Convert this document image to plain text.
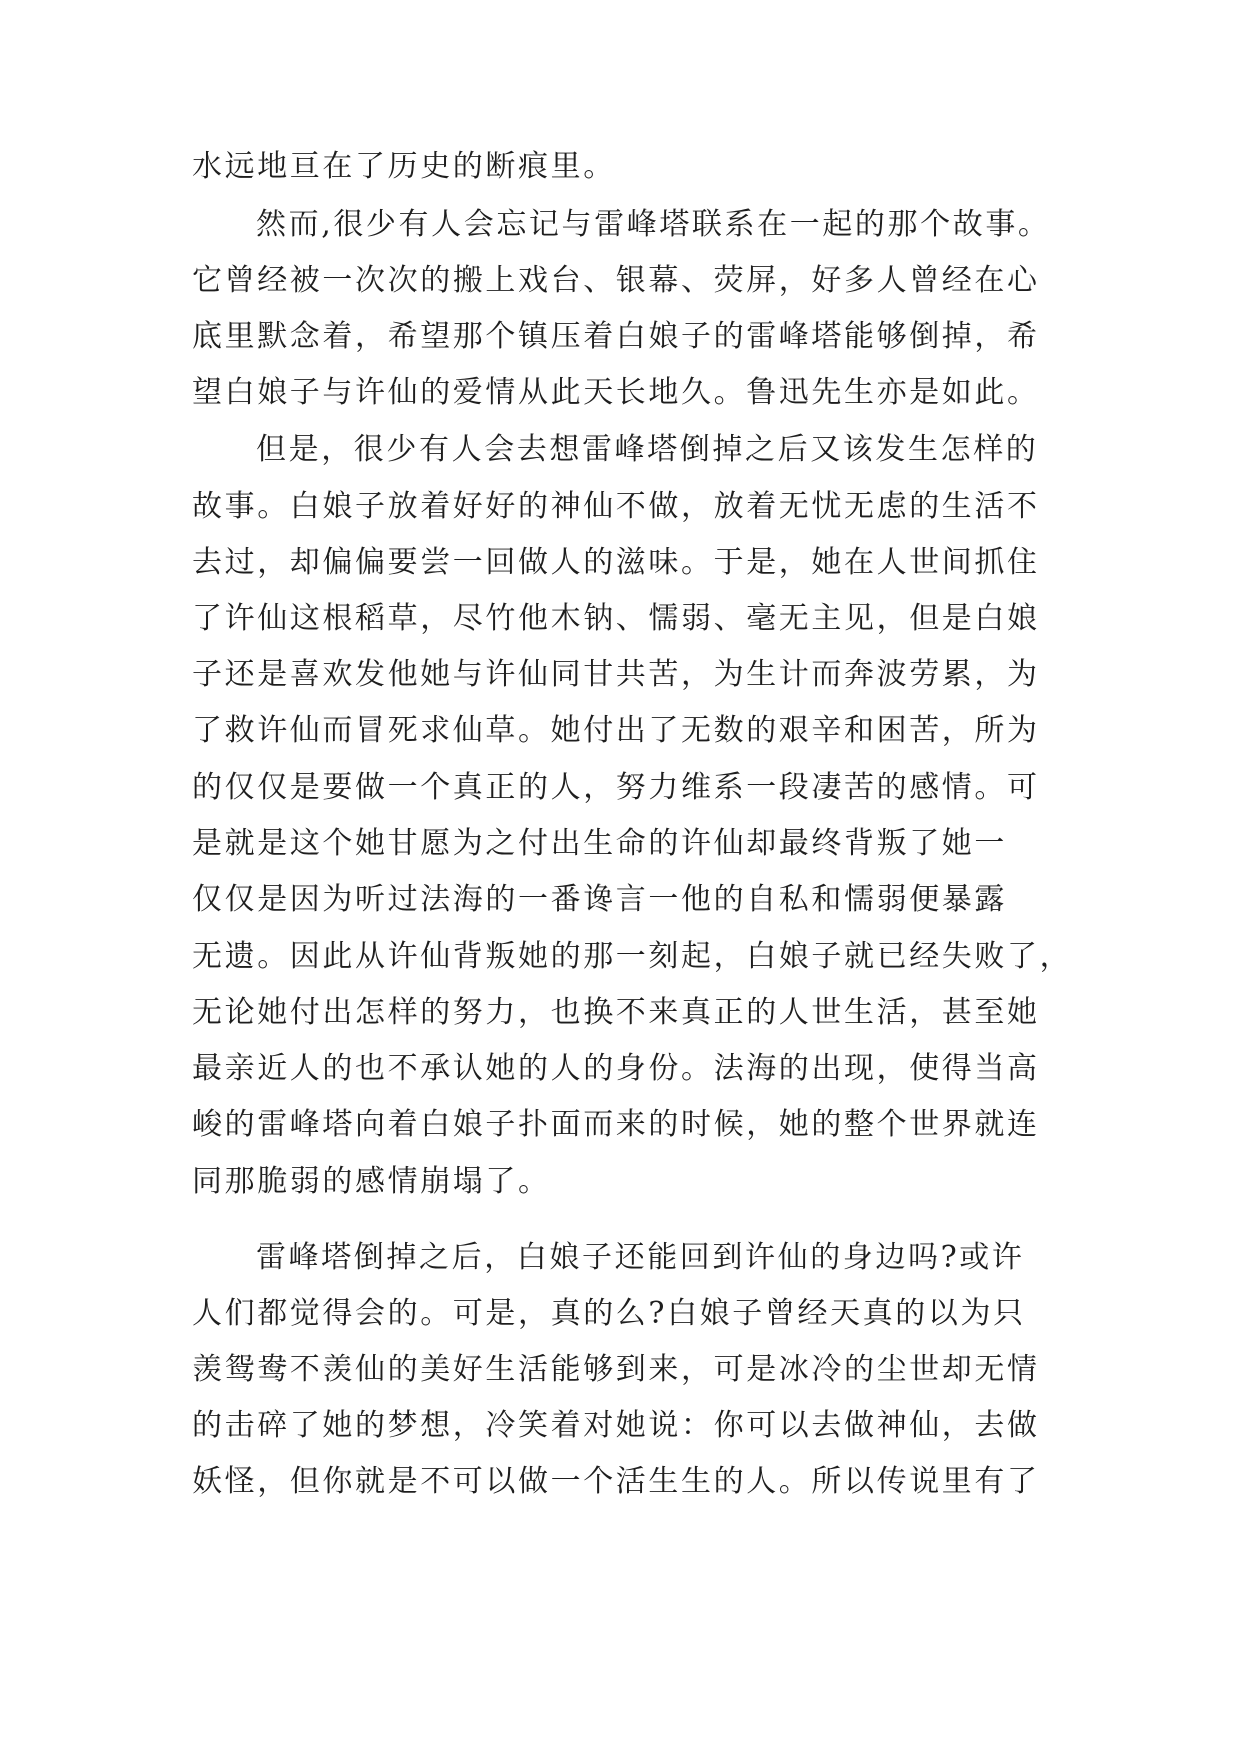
水远地亘在了历史的断痕里。
然而,很少有人会忘记与雷峰塔联系在一起的那个故事。
它曾经被一次次的搬上戏台、银幕、荧屏，好多人曾经在心
底里默念着，希望那个镇压着白娘子的雷峰塔能够倒掉，希
望白娘子与许仙的爱情从此天长地久。鲁迅先生亦是如此。
但是，很少有人会去想雷峰塔倒掉之后又该发生怎样的
故事。白娘子放着好好的神仙不做，放着无忧无虑的生活不
去过，却偏偏要尝一回做人的滋味。于是，她在人世间抓住
了许仙这根稻草，尽竹他木钠、懦弱、毫无主见，但是白娘
子还是喜欢发他她与许仙同甘共苦，为生计而奔波劳累，为
了救许仙而冒死求仙草。她付出了无数的艰辛和困苦，所为
的仅仅是要做一个真正的人，努力维系一段凄苦的感情。可
是就是这个她甘愿为之付出生命的许仙却最终背叛了她一
仅仅是因为听过法海的一番谗言一他的自私和懦弱便暴露
无遗。因此从许仙背叛她的那一刻起，白娘子就已经失败了，
无论她付出怎样的努力，也换不来真正的人世生活，甚至她
最亲近人的也不承认她的人的身份。法海的出现，使得当高
峻的雷峰塔向着白娘子扑面而来的时候，她的整个世界就连
同那脆弱的感情崩塌了。
雷峰塔倒掉之后，白娘子还能回到许仙的身边吗?或许
人们都觉得会的。可是，真的么?白娘子曾经天真的以为只
羡鸳鸯不羡仙的美好生活能够到来，可是冰冷的尘世却无情
的击碎了她的梦想，冷笑着对她说：你可以去做神仙，去做
妖怪，但你就是不可以做一个活生生的人。所以传说里有了
